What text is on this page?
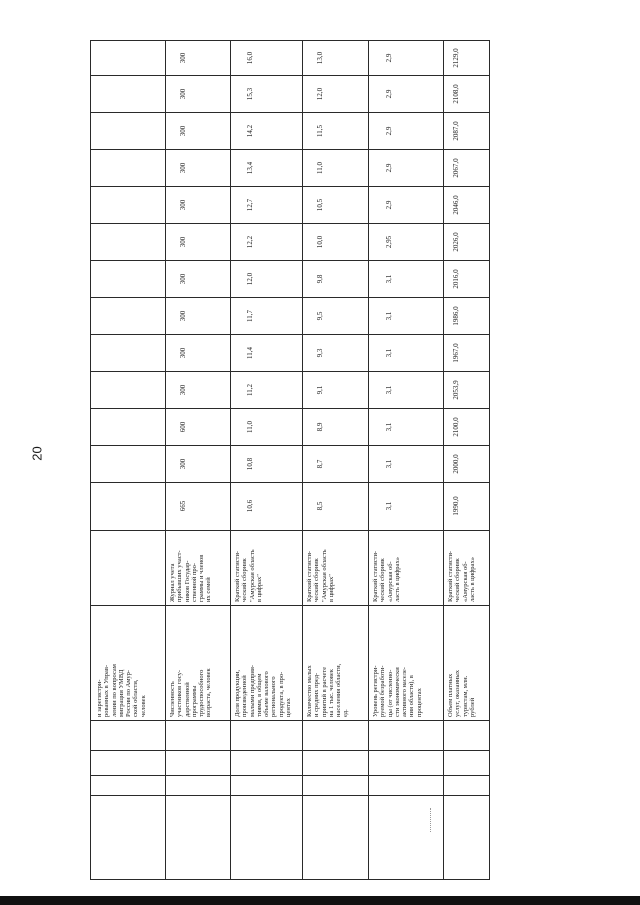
20
и зарегистри-
рованных в Управ-
лении по вопросам
миграции УМВД
России по Амур-
ской области,
человек	Численность
участников госу-
дарственной
программы
трудоспособного
возраста, человек
Журнал учета
прибывших участ-
ников Государ-
ственной про-
граммы и членов
их семей
Доля продукции,
произведенной
малыми предприя-
тиями, в общем
объеме валового
регионального
продукта, в про-
центах
Краткий статисти-
ческий сборник
"Амурская область
в цифрах"
Количество малых
и средних пред-
приятий в расчете
на 1 тыс. человек
населения области,
ед.
Краткий статисти-
ческий сборник
"Амурская область
в цифрах"
Уровень регистри-
руемой безработи-
цы (от численно-
сти экономически
активного населе-
ния области), в
процентах
Краткий статисти-
ческий сборник
«Амурская об-
ласть в цифрах»
Объем платных
услуг, оказанных
туристам, млн.
рублей
Краткий статисти-
ческий сборник
«Амурская об-
ласть в цифрах»
665
300
600
300
300
300
300
300
300
300
300
300
300
10,6
10,8
11,0
11,2
11,4
11,7
12,0
12,2
12,7
13,4
14,2
15,3
16,0
8,5
8,7
8,9
9,1
9,3
9,5
9,8
10,0
10,5
11,0
11,5
12,0
13,0
3,1
3,1
3,1
3,1
3,1
3,1
3,1
2,95
2,9
2,9
2,9
2,9
2,9
1990,0
2000,0
2100,0
2053,9
1967,0
1986,0
2016,0
2026,0
2046,0
2067,0
2087,0
2108,0
2129,0
